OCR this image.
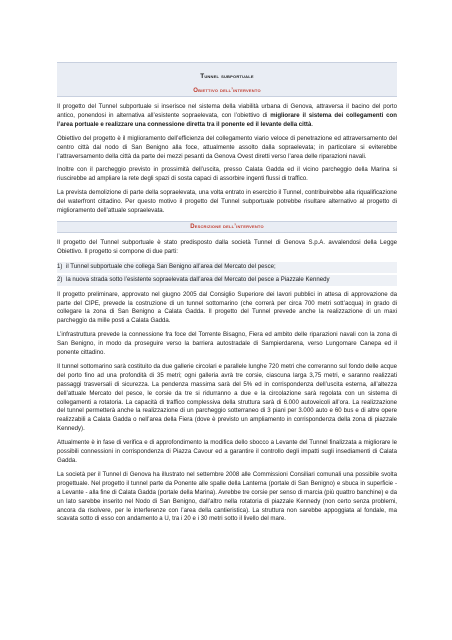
Tunnel subportuale
Obiettivo dell’intervento

Il progetto del Tunnel subportuale si inserisce nel sistema della viabilità urbana di Genova, attraversa il bacino del porto antico, ponendosi in alternativa all’esistente sopraelevata, con l’obiettivo di migliorare il sistema dei collegamenti con l’area portuale e realizzare una connessione diretta tra il ponente ed il levante della città.

Obiettivo del progetto è il miglioramento dell’efficienza del collegamento viario veloce di penetrazione ed attraversamento del centro città dal nodo di San Benigno alla foce, attualmente assolto dalla sopraelevata; in particolare si eviterebbe l’attraversamento della città da parte dei mezzi pesanti da Genova Ovest diretti verso l’area delle riparazioni navali.

Inoltre con il parcheggio previsto in prossimità dell’uscita, presso Calata Gadda ed il vicino parcheggio della Marina si riuscirebbe ad ampliare la rete degli spazi di sosta capaci di assorbire ingenti flussi di traffico.

La prevista demolizione di parte della sopraelevata, una volta entrato in esercizio il Tunnel, contribuirebbe alla riqualificazione del waterfront cittadino. Per questo motivo il progetto del Tunnel subportuale potrebbe risultare alternativo al progetto di miglioramento dell’attuale sopraelevata.

Descrizione dell’intervento

Il progetto del Tunnel subportuale è stato predisposto dalla società Tunnel di Genova S.p.A. avvalendosi della Legge Obiettivo. Il progetto si compone di due parti:

1) il Tunnel subportuale che collega San Benigno all’area del Mercato del pesce;
2) la nuova strada sotto l’esistente sopraelevata dall’area del Mercato del pesce a Piazzale Kennedy

Il progetto preliminare, approvato nel giugno 2005 dal Consiglio Superiore dei lavori pubblici in attesa di approvazione da parte del CIPE, prevede la costruzione di un tunnel sottomarino (che correrà per circa 700 metri sott’acqua) in grado di collegare la zona di San Benigno a Calata Gadda. Il progetto del Tunnel prevede anche la realizzazione di un maxi parcheggio da mille posti a Calata Gadda.

L’infrastruttura prevede la connessione fra foce del Torrente Bisagno, Fiera ed ambito delle riparazioni navali con la zona di San Benigno, in modo da proseguire verso la barriera autostradale di Sampierdarena, verso Lungomare Canepa ed il ponente cittadino.

Il tunnel sottomarino sarà costituito da due gallerie circolari e parallele lunghe 720 metri che correranno sul fondo delle acque del porto fino ad una profondità di 35 metri; ogni galleria avrà tre corsie, ciascuna larga 3,75 metri, e saranno realizzati passaggi trasversali di sicurezza. La pendenza massima sarà del 5% ed in corrispondenza dell’uscita esterna, all’altezza dell’attuale Mercato del pesce, le corsie da tre si ridurranno a due e la circolazione sarà regolata con un sistema di collegamenti a rotatoria. La capacità di traffico complessiva della struttura sarà di 6.000 autoveicoli all’ora. La realizzazione del tunnel permetterà anche la realizzazione di un parcheggio sotterraneo di 3 piani per 3.000 auto e 60 bus e di altre opere realizzabili a Calata Gadda o nell’area della Fiera (dove è previsto un ampliamento in corrispondenza della zona di piazzale Kennedy).

Attualmente è in fase di verifica e di approfondimento la modifica dello sbocco a Levante del Tunnel finalizzata a migliorare le possibili connessioni in corrispondenza di Piazza Cavour ed a garantire il controllo degli impatti sugli insediamenti di Calata Gadda.

La società per il Tunnel di Genova ha illustrato nel settembre 2008 alle Commissioni Consiliari comunali una possibile svolta progettuale. Nel progetto il tunnel parte da Ponente alle spalle della Lanterna (portale di San Benigno) e sbuca in superficie - a Levante - alla fine di Calata Gadda (portale della Marina). Avrebbe tre corsie per senso di marcia (più quattro banchine) e da un lato sarebbe inserito nel Nodo di San Benigno, dall’altro nella rotatoria di piazzale Kennedy (non certo senza problemi, ancora da risolvere, per le interferenze con l’area della cantieristica). La struttura non sarebbe appoggiata al fondale, ma scavata sotto di esso con andamento a U, tra i 20 e i 30 metri sotto il livello del mare.
